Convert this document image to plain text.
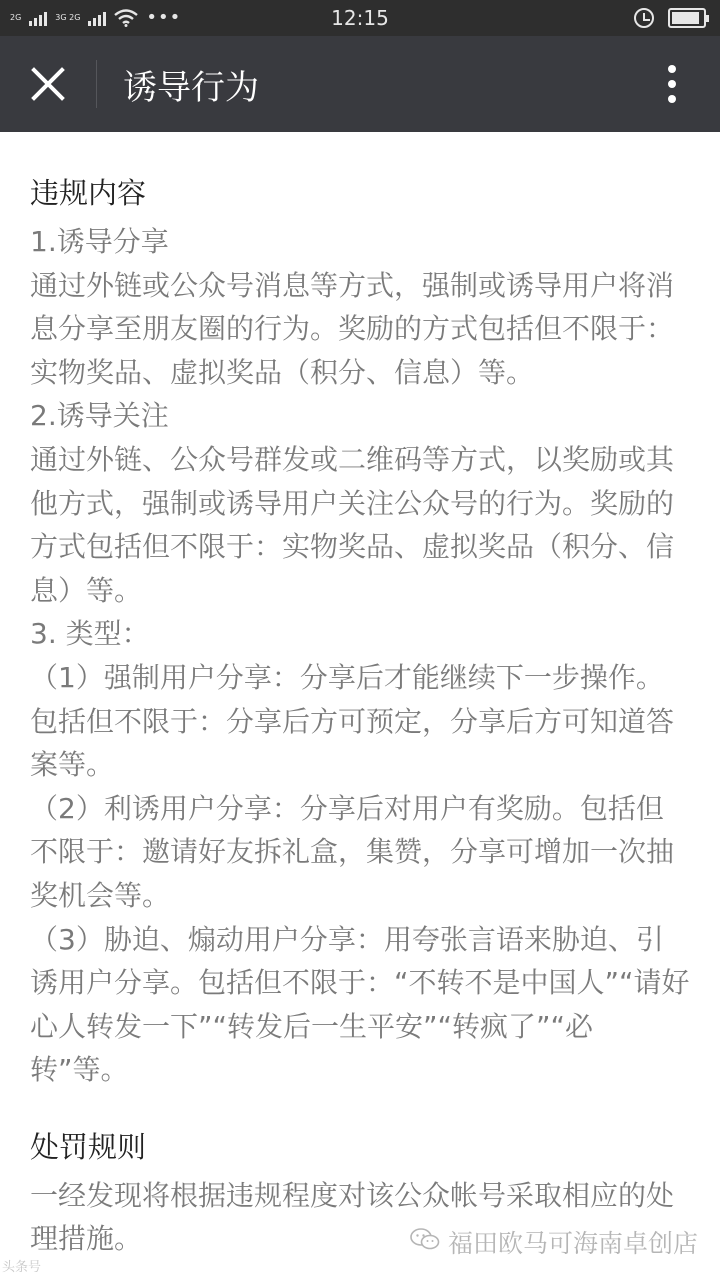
2G	3G 2G	•••	12:15
诱导行为
违规内容
1.诱导分享
通过外链或公众号消息等方式，强制或诱导用户将消息分享至朋友圈的行为。奖励的方式包括但不限于：实物奖品、虚拟奖品（积分、信息）等。
2.诱导关注
通过外链、公众号群发或二维码等方式，以奖励或其他方式，强制或诱导用户关注公众号的行为。奖励的方式包括但不限于：实物奖品、虚拟奖品（积分、信息）等。
3. 类型：
（1）强制用户分享：分享后才能继续下一步操作。包括但不限于：分享后方可预定，分享后方可知道答案等。
（2）利诱用户分享：分享后对用户有奖励。包括但不限于：邀请好友拆礼盒，集赞，分享可增加一次抽奖机会等。
（3）胁迫、煽动用户分享：用夸张言语来胁迫、引诱用户分享。包括但不限于：“不转不是中国人”“请好心人转发一下”“转发后一生平安”“转疯了”“必转”等。
处罚规则
一经发现将根据违规程度对该公众帐号采取相应的处理措施。	福田欧马可海南卓创店
头条号
